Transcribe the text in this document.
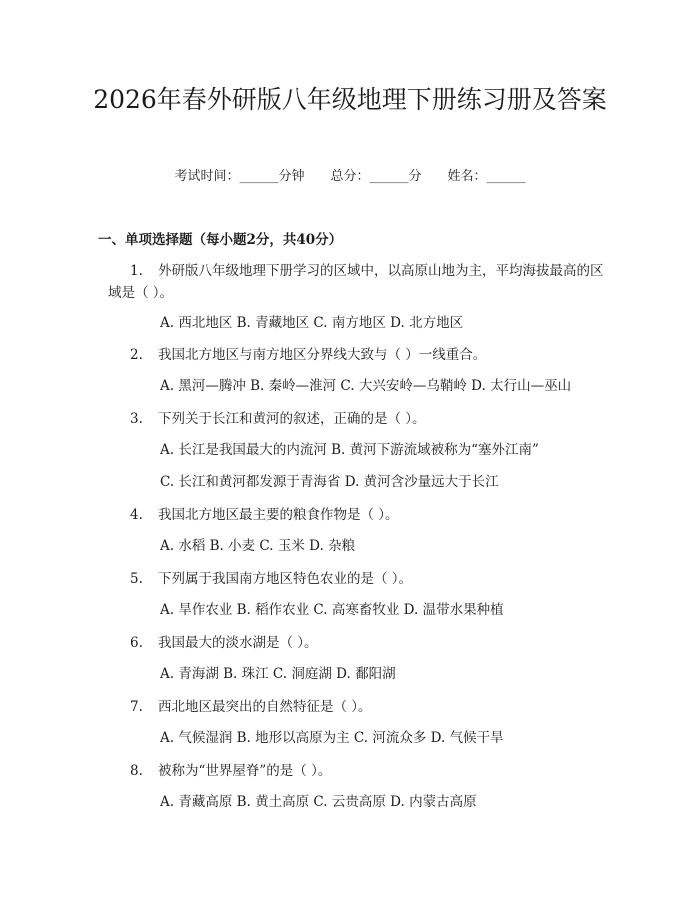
2026年春外研版八年级地理下册练习册及答案
考试时间：______分钟 总分：______分 姓名：______
一、单项选择题（每小题2分，共40分）
1. 外研版八年级地理下册学习的区域中，以高原山地为主，平均海拔最高的区域是（ ）。
A. 西北地区 B. 青藏地区 C. 南方地区 D. 北方地区
2. 我国北方地区与南方地区分界线大致与（ ）一线重合。
A. 黑河—腾冲 B. 秦岭—淮河 C. 大兴安岭—乌鞘岭 D. 太行山—巫山
3. 下列关于长江和黄河的叙述，正确的是（ ）。
A. 长江是我国最大的内流河 B. 黄河下游流域被称为“塞外江南”
C. 长江和黄河都发源于青海省 D. 黄河含沙量远大于长江
4. 我国北方地区最主要的粮食作物是（ ）。
A. 水稻 B. 小麦 C. 玉米 D. 杂粮
5. 下列属于我国南方地区特色农业的是（ ）。
A. 旱作农业 B. 稻作农业 C. 高寒畜牧业 D. 温带水果种植
6. 我国最大的淡水湖是（ ）。
A. 青海湖 B. 珠江 C. 洞庭湖 D. 鄱阳湖
7. 西北地区最突出的自然特征是（ ）。
A. 气候湿润 B. 地形以高原为主 C. 河流众多 D. 气候干旱
8. 被称为“世界屋脊”的是（ ）。
A. 青藏高原 B. 黄土高原 C. 云贵高原 D. 内蒙古高原
